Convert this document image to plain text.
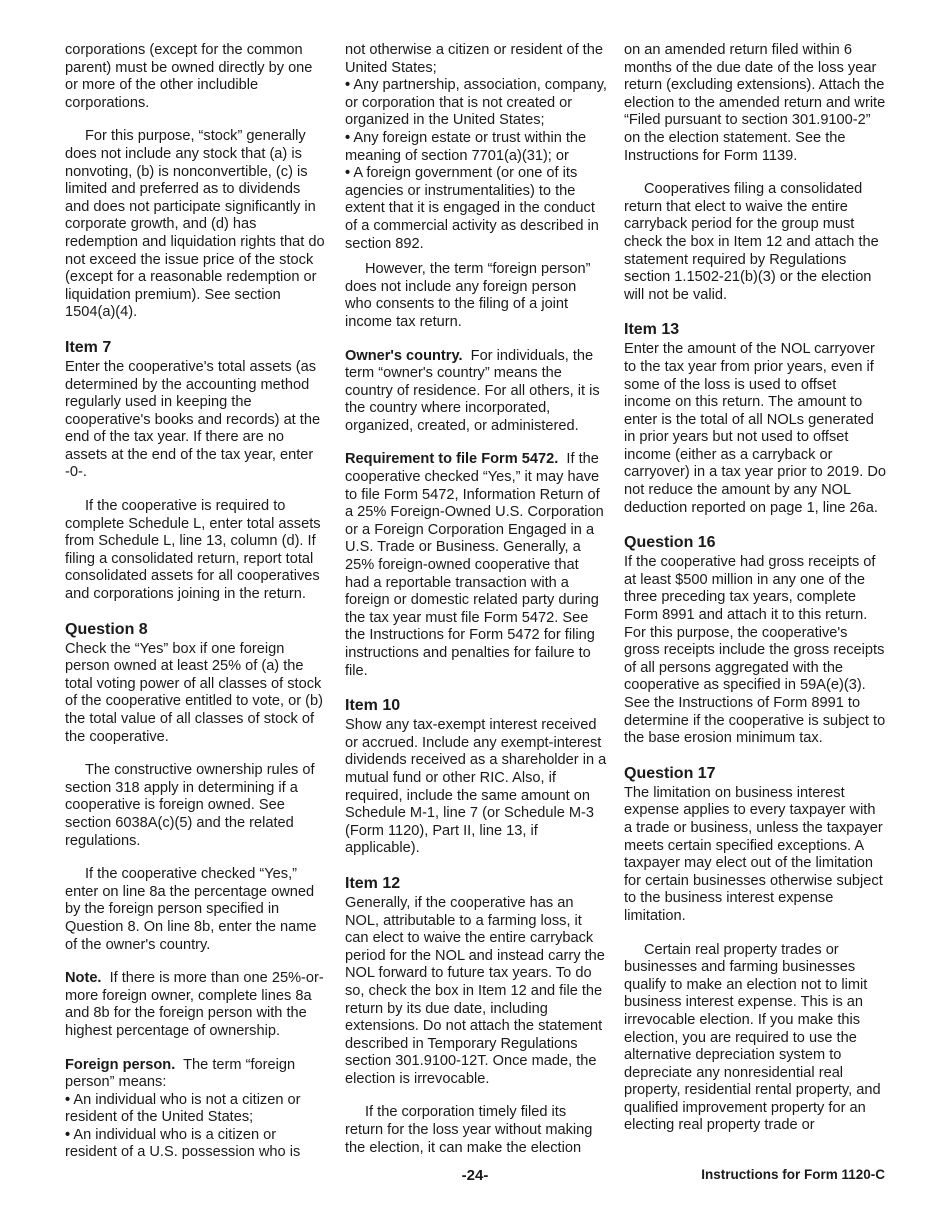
corporations (except for the common parent) must be owned directly by one or more of the other includible corporations.

For this purpose, “stock” generally does not include any stock that (a) is nonvoting, (b) is nonconvertible, (c) is limited and preferred as to dividends and does not participate significantly in corporate growth, and (d) has redemption and liquidation rights that do not exceed the issue price of the stock (except for a reasonable redemption or liquidation premium). See section 1504(a)(4).

Item 7

Enter the cooperative's total assets (as determined by the accounting method regularly used in keeping the cooperative's books and records) at the end of the tax year. If there are no assets at the end of the tax year, enter -0-.

If the cooperative is required to complete Schedule L, enter total assets from Schedule L, line 13, column (d). If filing a consolidated return, report total consolidated assets for all cooperatives and corporations joining in the return.

Question 8

Check the “Yes” box if one foreign person owned at least 25% of (a) the total voting power of all classes of stock of the cooperative entitled to vote, or (b) the total value of all classes of stock of the cooperative.

The constructive ownership rules of section 318 apply in determining if a cooperative is foreign owned. See section 6038A(c)(5) and the related regulations.

If the cooperative checked “Yes,” enter on line 8a the percentage owned by the foreign person specified in Question 8. On line 8b, enter the name of the owner's country.

Note. If there is more than one 25%-or-more foreign owner, complete lines 8a and 8b for the foreign person with the highest percentage of ownership.

Foreign person. The term “foreign person” means:

• An individual who is not a citizen or resident of the United States;

• An individual who is a citizen or resident of a U.S. possession who is

not otherwise a citizen or resident of the United States;

• Any partnership, association, company, or corporation that is not created or organized in the United States;

• Any foreign estate or trust within the meaning of section 7701(a)(31); or

• A foreign government (or one of its agencies or instrumentalities) to the extent that it is engaged in the conduct of a commercial activity as described in section 892.

However, the term “foreign person” does not include any foreign person who consents to the filing of a joint income tax return.

Owner's country. For individuals, the term “owner's country” means the country of residence. For all others, it is the country where incorporated, organized, created, or administered.

Requirement to file Form 5472. If the cooperative checked “Yes,” it may have to file Form 5472, Information Return of a 25% Foreign-Owned U.S. Corporation or a Foreign Corporation Engaged in a U.S. Trade or Business. Generally, a 25% foreign-owned cooperative that had a reportable transaction with a foreign or domestic related party during the tax year must file Form 5472. See the Instructions for Form 5472 for filing instructions and penalties for failure to file.

Item 10

Show any tax-exempt interest received or accrued. Include any exempt-interest dividends received as a shareholder in a mutual fund or other RIC. Also, if required, include the same amount on Schedule M-1, line 7 (or Schedule M-3 (Form 1120), Part II, line 13, if applicable).

Item 12

Generally, if the cooperative has an NOL, attributable to a farming loss, it can elect to waive the entire carryback period for the NOL and instead carry the NOL forward to future tax years. To do so, check the box in Item 12 and file the return by its due date, including extensions. Do not attach the statement described in Temporary Regulations section 301.9100-12T. Once made, the election is irrevocable.

If the corporation timely filed its return for the loss year without making the election, it can make the election

on an amended return filed within 6 months of the due date of the loss year return (excluding extensions). Attach the election to the amended return and write “Filed pursuant to section 301.9100-2” on the election statement. See the Instructions for Form 1139.

Cooperatives filing a consolidated return that elect to waive the entire carryback period for the group must check the box in Item 12 and attach the statement required by Regulations section 1.1502-21(b)(3) or the election will not be valid.

Item 13

Enter the amount of the NOL carryover to the tax year from prior years, even if some of the loss is used to offset income on this return. The amount to enter is the total of all NOLs generated in prior years but not used to offset income (either as a carryback or carryover) in a tax year prior to 2019. Do not reduce the amount by any NOL deduction reported on page 1, line 26a.

Question 16

If the cooperative had gross receipts of at least $500 million in any one of the three preceding tax years, complete Form 8991 and attach it to this return. For this purpose, the cooperative's gross receipts include the gross receipts of all persons aggregated with the cooperative as specified in 59A(e)(3). See the Instructions of Form 8991 to determine if the cooperative is subject to the base erosion minimum tax.

Question 17

The limitation on business interest expense applies to every taxpayer with a trade or business, unless the taxpayer meets certain specified exceptions. A taxpayer may elect out of the limitation for certain businesses otherwise subject to the business interest expense limitation.

Certain real property trades or businesses and farming businesses qualify to make an election not to limit business interest expense. This is an irrevocable election. If you make this election, you are required to use the alternative depreciation system to depreciate any nonresidential real property, residential rental property, and qualified improvement property for an electing real property trade or

-24-	Instructions for Form 1120-C
